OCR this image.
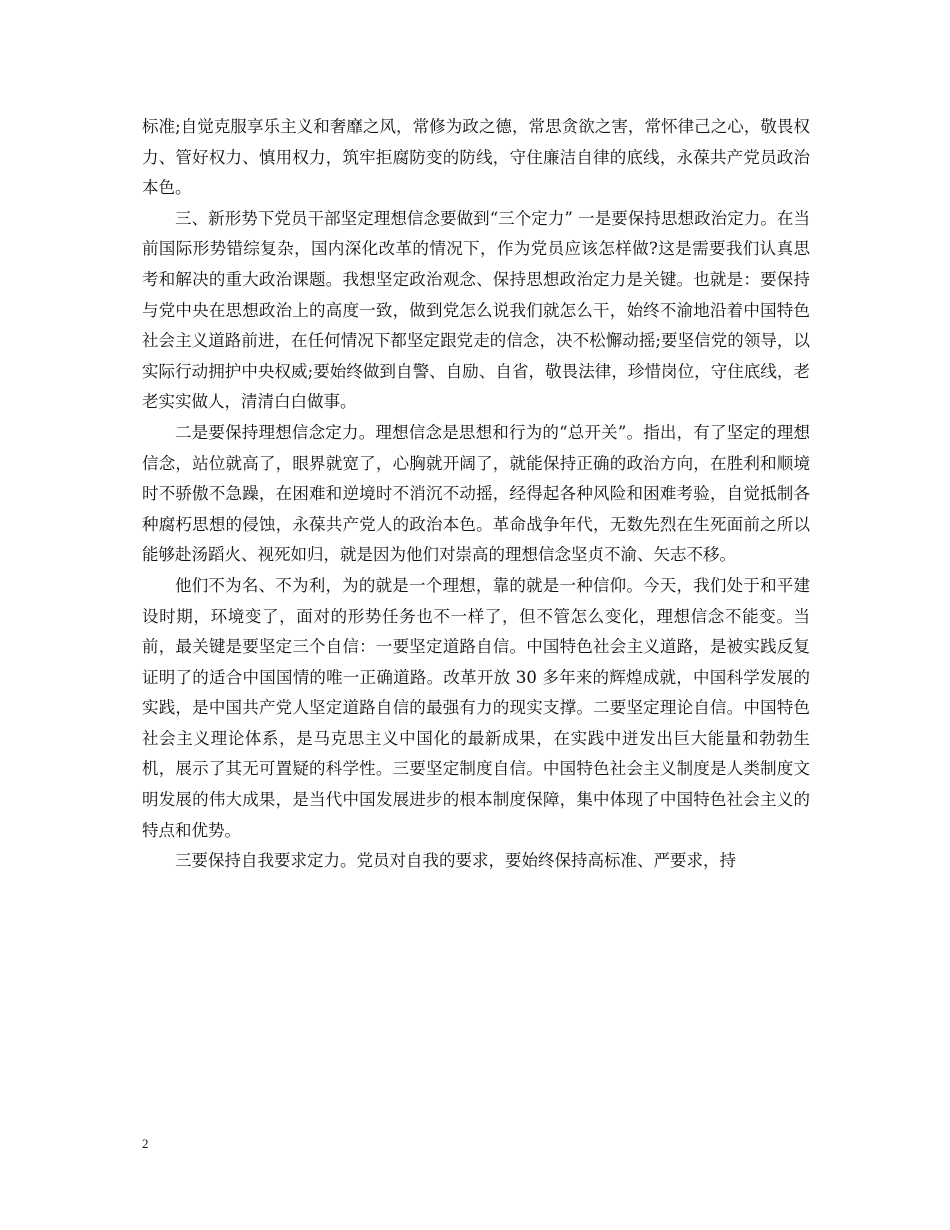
标准;自觉克服享乐主义和奢靡之风，常修为政之德，常思贪欲之害，常怀律己之心，敬畏权力、管好权力、慎用权力，筑牢拒腐防变的防线，守住廉洁自律的底线，永葆共产党员政治本色。

三、新形势下党员干部坚定理想信念要做到“三个定力” 一是要保持思想政治定力。在当前国际形势错综复杂，国内深化改革的情况下，作为党员应该怎样做?这是需要我们认真思考和解决的重大政治课题。我想坚定政治观念、保持思想政治定力是关键。也就是：要保持与党中央在思想政治上的高度一致，做到党怎么说我们就怎么干，始终不渝地沿着中国特色社会主义道路前进，在任何情况下都坚定跟党走的信念，决不松懈动摇;要坚信党的领导，以实际行动拥护中央权威;要始终做到自警、自励、自省，敬畏法律，珍惜岗位，守住底线，老老实实做人，清清白白做事。

二是要保持理想信念定力。理想信念是思想和行为的“总开关”。指出，有了坚定的理想信念，站位就高了，眼界就宽了，心胸就开阔了，就能保持正确的政治方向，在胜利和顺境时不骄傲不急躁，在困难和逆境时不消沉不动摇，经得起各种风险和困难考验，自觉抵制各种腐朽思想的侵蚀，永葆共产党人的政治本色。革命战争年代，无数先烈在生死面前之所以能够赴汤蹈火、视死如归，就是因为他们对崇高的理想信念坚贞不渝、矢志不移。

他们不为名、不为利，为的就是一个理想，靠的就是一种信仰。今天，我们处于和平建设时期，环境变了，面对的形势任务也不一样了，但不管怎么变化，理想信念不能变。当前，最关键是要坚定三个自信：一要坚定道路自信。中国特色社会主义道路，是被实践反复证明了的适合中国国情的唯一正确道路。改革开放 30 多年来的辉煌成就，中国科学发展的实践，是中国共产党人坚定道路自信的最强有力的现实支撑。二要坚定理论自信。中国特色社会主义理论体系，是马克思主义中国化的最新成果，在实践中迸发出巨大能量和勃勃生机，展示了其无可置疑的科学性。三要坚定制度自信。中国特色社会主义制度是人类制度文明发展的伟大成果，是当代中国发展进步的根本制度保障，集中体现了中国特色社会主义的特点和优势。

三要保持自我要求定力。党员对自我的要求，要始终保持高标准、严要求，持

2
